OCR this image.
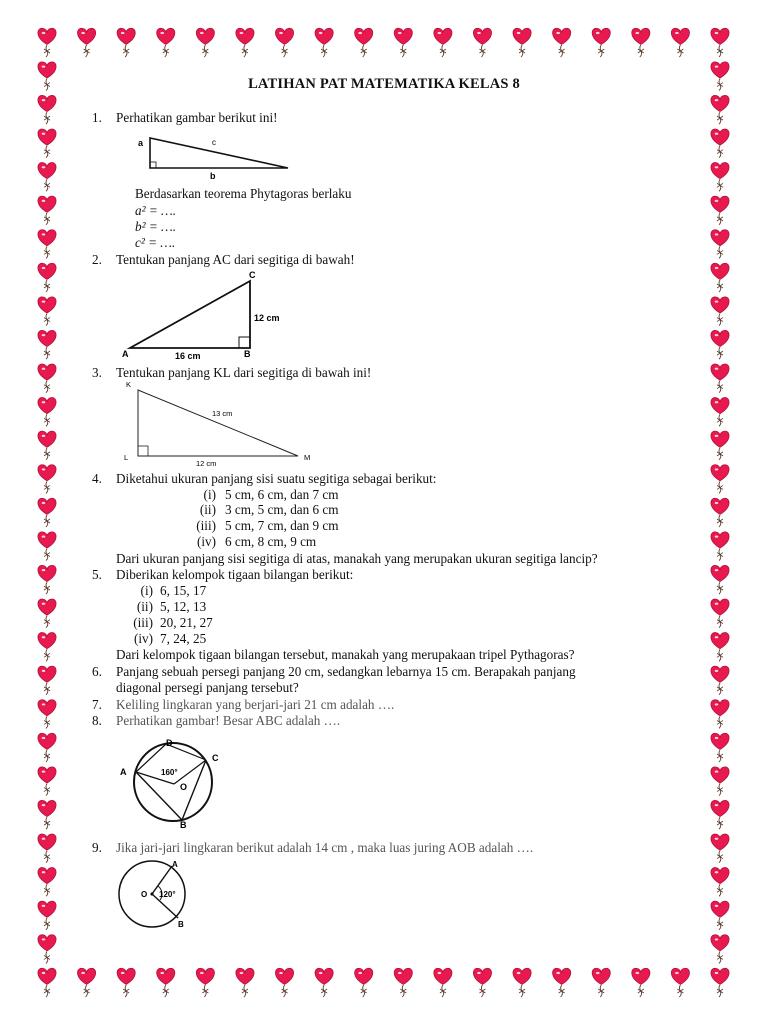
LATIHAN PAT MATEMATIKA KELAS 8
1. Perhatikan gambar berikut ini!
a	c
b
Berdasarkan teorema Phytagoras berlaku
a² = ….
b² = ….
c² = ….
2. Tentukan panjang AC dari segitiga di bawah!
C
12 cm
A	16 cm	B
3. Tentukan panjang KL dari segitiga di bawah ini!
K
13 cm
L	M
12 cm
4. Diketahui ukuran panjang sisi suatu segitiga sebagai berikut:
(i) 5 cm, 6 cm, dan 7 cm
(ii) 3 cm, 5 cm, dan 6 cm
(iii) 5 cm, 7 cm, dan 9 cm
(iv) 6 cm, 8 cm, 9 cm
Dari ukuran panjang sisi segitiga di atas, manakah yang merupakan ukuran segitiga lancip?
5. Diberikan kelompok tigaan bilangan berikut:
(i) 6, 15, 17
(ii) 5, 12, 13
(iii) 20, 21, 27
(iv) 7, 24, 25
Dari kelompok tigaan bilangan tersebut, manakah yang merupakaan tripel Pythagoras?
6. Panjang sebuah persegi panjang 20 cm, sedangkan lebarnya 15 cm. Berapakah panjang
diagonal persegi panjang tersebut?
7. Keliling lingkaran yang berjari-jari 21 cm adalah ….
8. Perhatikan gambar! Besar ABC adalah ….
D
C
A	160°
O
B
9. Jika jari-jari lingkaran berikut adalah 14 cm , maka luas juring AOB adalah ….
A
O 120°
B
